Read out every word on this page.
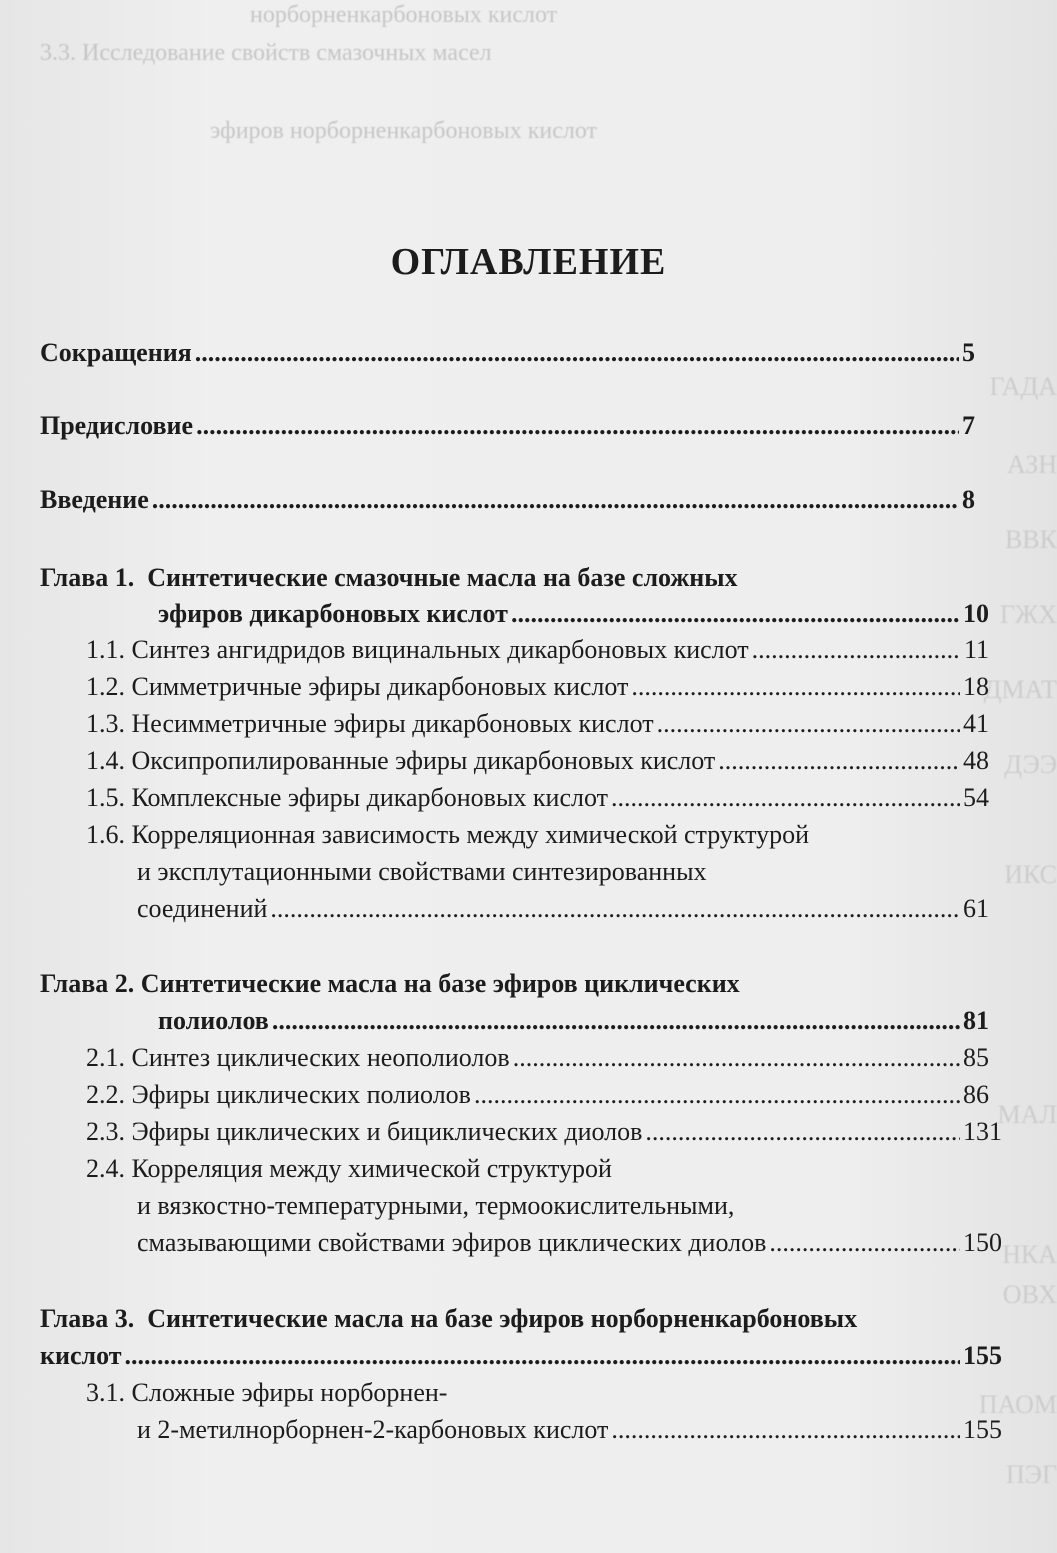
норборненкарбоновых кислот
3.3. Исследование свойств смазочных масел
эфиров норборненкарбоновых кислот
ГАДА
АЗН
ВВК
ГЖХ
ДМАТ
ДЭЭ
ИКС
МАЛ
НКА
ОВХ
ПАОМ
ПЭГ
ОГЛАВЛЕНИЕ
Сокращения .....	5
Предисловие .....	7
Введение .....	8
Глава 1. Синтетические смазочные масла на базе сложных
эфиров дикарбоновых кислот .....	10
1.1. Синтез ангидридов вицинальных дикарбоновых кислот .....	11
1.2. Симметричные эфиры дикарбоновых кислот .....	18
1.3. Несимметричные эфиры дикарбоновых кислот .....	41
1.4. Оксипропилированные эфиры дикарбоновых кислот .....	48
1.5. Комплексные эфиры дикарбоновых кислот .....	54
1.6. Корреляционная зависимость между химической структурой
и эксплутационными свойствами синтезированных
соединений .....	61
Глава 2. Синтетические масла на базе эфиров циклических
полиолов .....	81
2.1. Синтез циклических неополиолов .....	85
2.2. Эфиры циклических полиолов .....	86
2.3. Эфиры циклических и бициклических диолов .....	131
2.4. Корреляция между химической структурой
и вязкостно-температурными, термоокислительными,
смазывающими свойствами эфиров циклических диолов .....	150
Глава 3. Синтетические масла на базе эфиров норборненкарбоновых
кислот .....	155
3.1. Сложные эфиры норборнен-
и 2-метилнорборнен-2-карбоновых кислот .....	155
